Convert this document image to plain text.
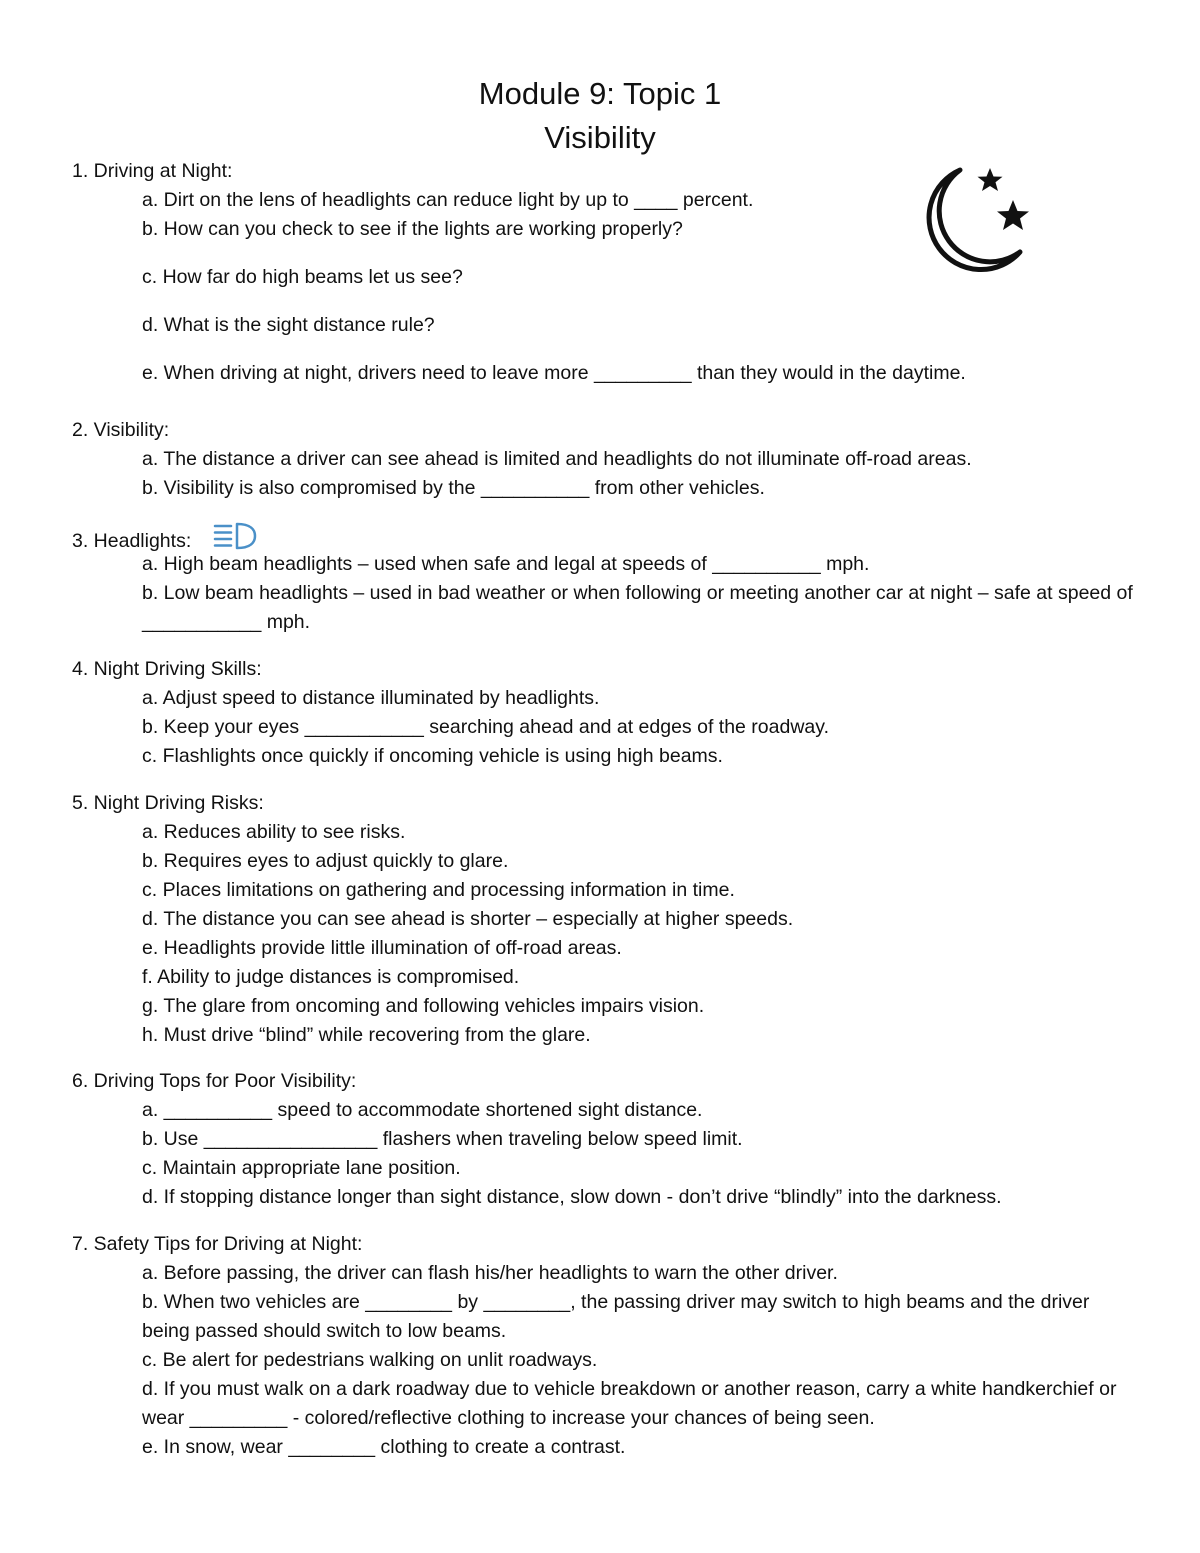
Module 9: Topic 1
Visibility
1. Driving at Night:
a. Dirt on the lens of headlights can reduce light by up to ____ percent.
b. How can you check to see if the lights are working properly?
c. How far do high beams let us see?
d. What is the sight distance rule?
e. When driving at night, drivers need to leave more _________ than they would in the daytime.
2. Visibility:
a. The distance a driver can see ahead is limited and headlights do not illuminate off-road areas.
b. Visibility is also compromised by the __________ from other vehicles.
3. Headlights:
a. High beam headlights – used when safe and legal at speeds of __________ mph.
b. Low beam headlights – used in bad weather or when following or meeting another car at night – safe at speed of ___________ mph.
4. Night Driving Skills:
a. Adjust speed to distance illuminated by headlights.
b. Keep your eyes ___________ searching ahead and at edges of the roadway.
c. Flashlights once quickly if oncoming vehicle is using high beams.
5. Night Driving Risks:
a. Reduces ability to see risks.
b. Requires eyes to adjust quickly to glare.
c. Places limitations on gathering and processing information in time.
d. The distance you can see ahead is shorter – especially at higher speeds.
e. Headlights provide little illumination of off-road areas.
f. Ability to judge distances is compromised.
g. The glare from oncoming and following vehicles impairs vision.
h. Must drive “blind” while recovering from the glare.
6. Driving Tops for Poor Visibility:
a. __________ speed to accommodate shortened sight distance.
b. Use ________________ flashers when traveling below speed limit.
c. Maintain appropriate lane position.
d. If stopping distance longer than sight distance, slow down - don’t drive “blindly” into the darkness.
7. Safety Tips for Driving at Night:
a. Before passing, the driver can flash his/her headlights to warn the other driver.
b. When two vehicles are ________ by ________, the passing driver may switch to high beams and the driver being passed should switch to low beams.
c. Be alert for pedestrians walking on unlit roadways.
d. If you must walk on a dark roadway due to vehicle breakdown or another reason, carry a white handkerchief or wear _________ - colored/reflective clothing to increase your chances of being seen.
e. In snow, wear ________ clothing to create a contrast.
